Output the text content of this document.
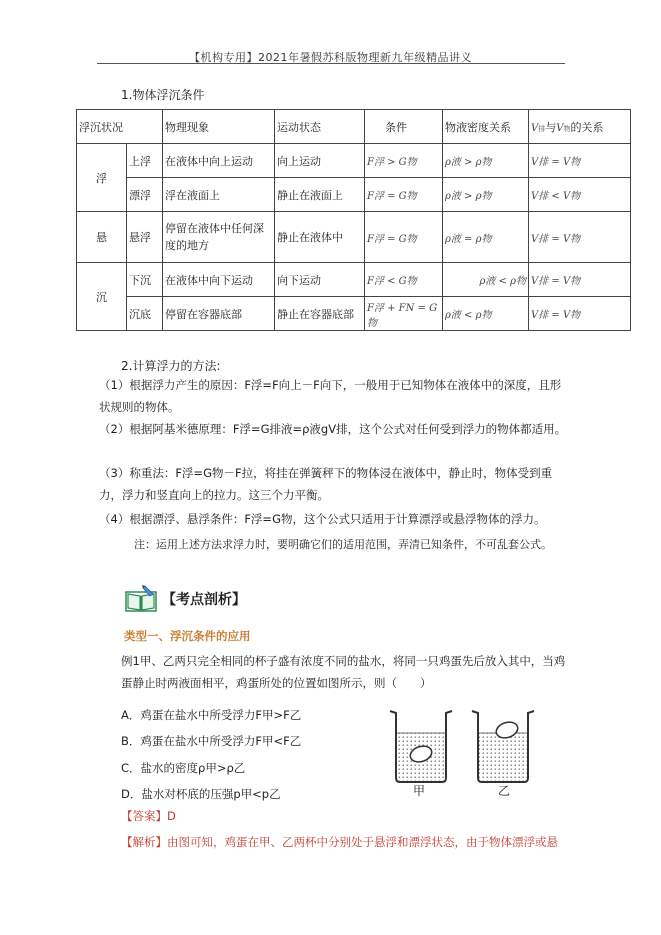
【机构专用】2021年暑假苏科版物理新九年级精品讲义
1.物体浮沉条件
浮沉状况		物理现象	运动状态	条件	物液密度关系	V排与V物的关系
浮	上浮	在液体中向上运动	向上运动	F浮 > G物	ρ液 > ρ物	V排 = V物
	漂浮	浮在液面上	静止在液面上	F浮 = G物	ρ液 > ρ物	V排 < V物
悬	悬浮	停留在液体中任何深度的地方	静止在液体中	F浮 = G物	ρ液 = ρ物	V排 = V物
沉	下沉	在液体中向下运动	向下运动	F浮 < G物	ρ液 < ρ物	V排 = V物
	沉底	停留在容器底部	静止在容器底部	F浮 + FN = G物	ρ液 < ρ物	V排 = V物
2.计算浮力的方法:
（1）根据浮力产生的原因：F浮=F向上－F向下，一般用于已知物体在液体中的深度，且形状规则的物体。
（2）根据阿基米德原理：F浮=G排液=ρ液gV排，这个公式对任何受到浮力的物体都适用。
（3）称重法：F浮=G物－F拉，将挂在弹簧秤下的物体浸在液体中，静止时，物体受到重力，浮力和竖直向上的拉力。这三个力平衡。
（4）根据漂浮、悬浮条件：F浮=G物，这个公式只适用于计算漂浮或悬浮物体的浮力。
注：运用上述方法求浮力时，要明确它们的适用范围，弄清已知条件，不可乱套公式。
【考点剖析】
类型一、浮沉条件的应用
例1甲、乙两只完全相同的杯子盛有浓度不同的盐水，将同一只鸡蛋先后放入其中，当鸡蛋静止时两液面相平，鸡蛋所处的位置如图所示，则（　　）
A．鸡蛋在盐水中所受浮力F甲>F乙
B．鸡蛋在盐水中所受浮力F甲<F乙
C．盐水的密度ρ甲>ρ乙
D．盐水对杯底的压强p甲<p乙	甲	乙
【答案】D
【解析】由图可知，鸡蛋在甲、乙两杯中分别处于悬浮和漂浮状态，由于物体漂浮或悬
